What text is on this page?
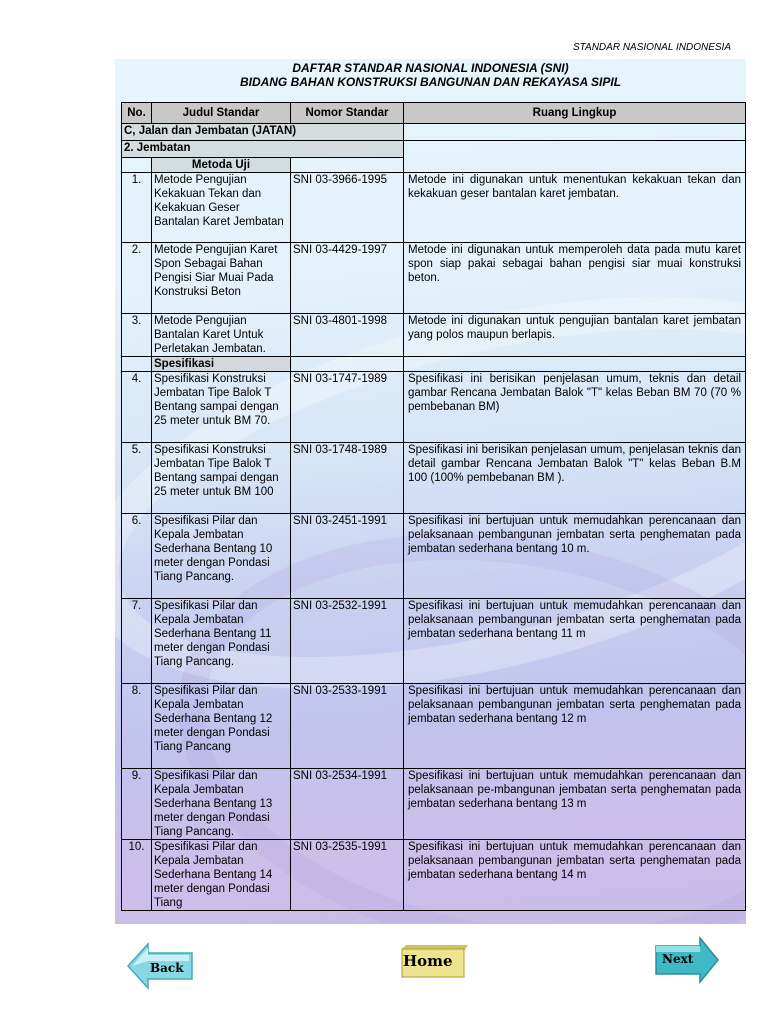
STANDAR NASIONAL INDONESIA
DAFTAR STANDAR NASIONAL INDONESIA (SNI)
BIDANG BAHAN KONSTRUKSI BANGUNAN DAN REKAYASA SIPIL
No.	Judul Standar	Nomor Standar	Ruang Lingkup
C, Jalan dan Jembatan (JATAN)			
2. Jembatan			
	Metoda Uji		
1.	Metode Pengujian Kekakuan Tekan dan Kekakuan Geser Bantalan Karet Jembatan	SNI 03-3966-1995	Metode ini digunakan untuk menentukan kekakuan tekan dan kekakuan geser bantalan karet jembatan.
2.	Metode Pengujian Karet Spon Sebagai Bahan Pengisi Siar Muai Pada Konstruksi Beton	SNI 03-4429-1997	Metode ini digunakan untuk memperoleh data pada mutu karet spon siap pakai sebagai bahan pengisi siar muai konstruksi beton.
3.	Metode Pengujian Bantalan Karet Untuk Perletakan Jembatan.	SNI 03-4801-1998	Metode ini digunakan untuk pengujian bantalan karet jembatan yang polos maupun berlapis.
	Spesifikasi		
4.	Spesifikasi Konstruksi Jembatan Tipe Balok T Bentang sampai dengan 25 meter untuk BM 70.	SNI 03-1747-1989	Spesifikasi ini berisikan penjelasan umum, teknis dan detail gambar Rencana Jembatan Balok "T" kelas Beban BM 70 (70 % pembebanan BM)
5.	Spesifikasi Konstruksi Jembatan Tipe Balok T Bentang sampai dengan 25 meter untuk BM 100	SNI 03-1748-1989	Spesifikasi ini berisikan penjelasan umum, penjelasan teknis dan detail gambar Rencana Jembatan Balok "T" kelas Beban B.M 100 (100% pembebanan BM ).
6.	Spesifikasi Pilar dan Kepala Jembatan Sederhana Bentang 10 meter dengan Pondasi Tiang Pancang.	SNI 03-2451-1991	Spesifikasi ini bertujuan untuk memudahkan perencanaan dan pelaksanaan pembangunan jembatan serta penghematan pada jembatan sederhana bentang 10 m.
7.	Spesifikasi Pilar dan Kepala Jembatan Sederhana Bentang 11 meter dengan Pondasi Tiang Pancang.	SNI 03-2532-1991	Spesifikasi ini bertujuan untuk memudahkan perencanaan dan pelaksanaan pembangunan jembatan serta penghematan pada jembatan sederhana bentang 11 m
8.	Spesifikasi Pilar dan Kepala Jembatan Sederhana Bentang 12 meter dengan Pondasi Tiang Pancang	SNI 03-2533-1991	Spesifikasi ini bertujuan untuk memudahkan perencanaan dan pelaksanaan pembangunan jembatan serta penghematan pada jembatan sederhana bentang 12 m
9.	Spesifikasi Pilar dan Kepala Jembatan Sederhana Bentang 13 meter dengan Pondasi Tiang Pancang.	SNI 03-2534-1991	Spesifikasi ini bertujuan untuk memudahkan perencanaan dan pelaksanaan pe-mbangunan jembatan serta penghematan pada jembatan sederhana bentang 13 m
10.	Spesifikasi Pilar dan Kepala Jembatan Sederhana Bentang 14 meter dengan Pondasi Tiang	SNI 03-2535-1991	Spesifikasi ini bertujuan untuk memudahkan perencanaan dan pelaksanaan pembangunan jembatan serta penghematan pada jembatan sederhana bentang 14 m
Back	Home	Next
